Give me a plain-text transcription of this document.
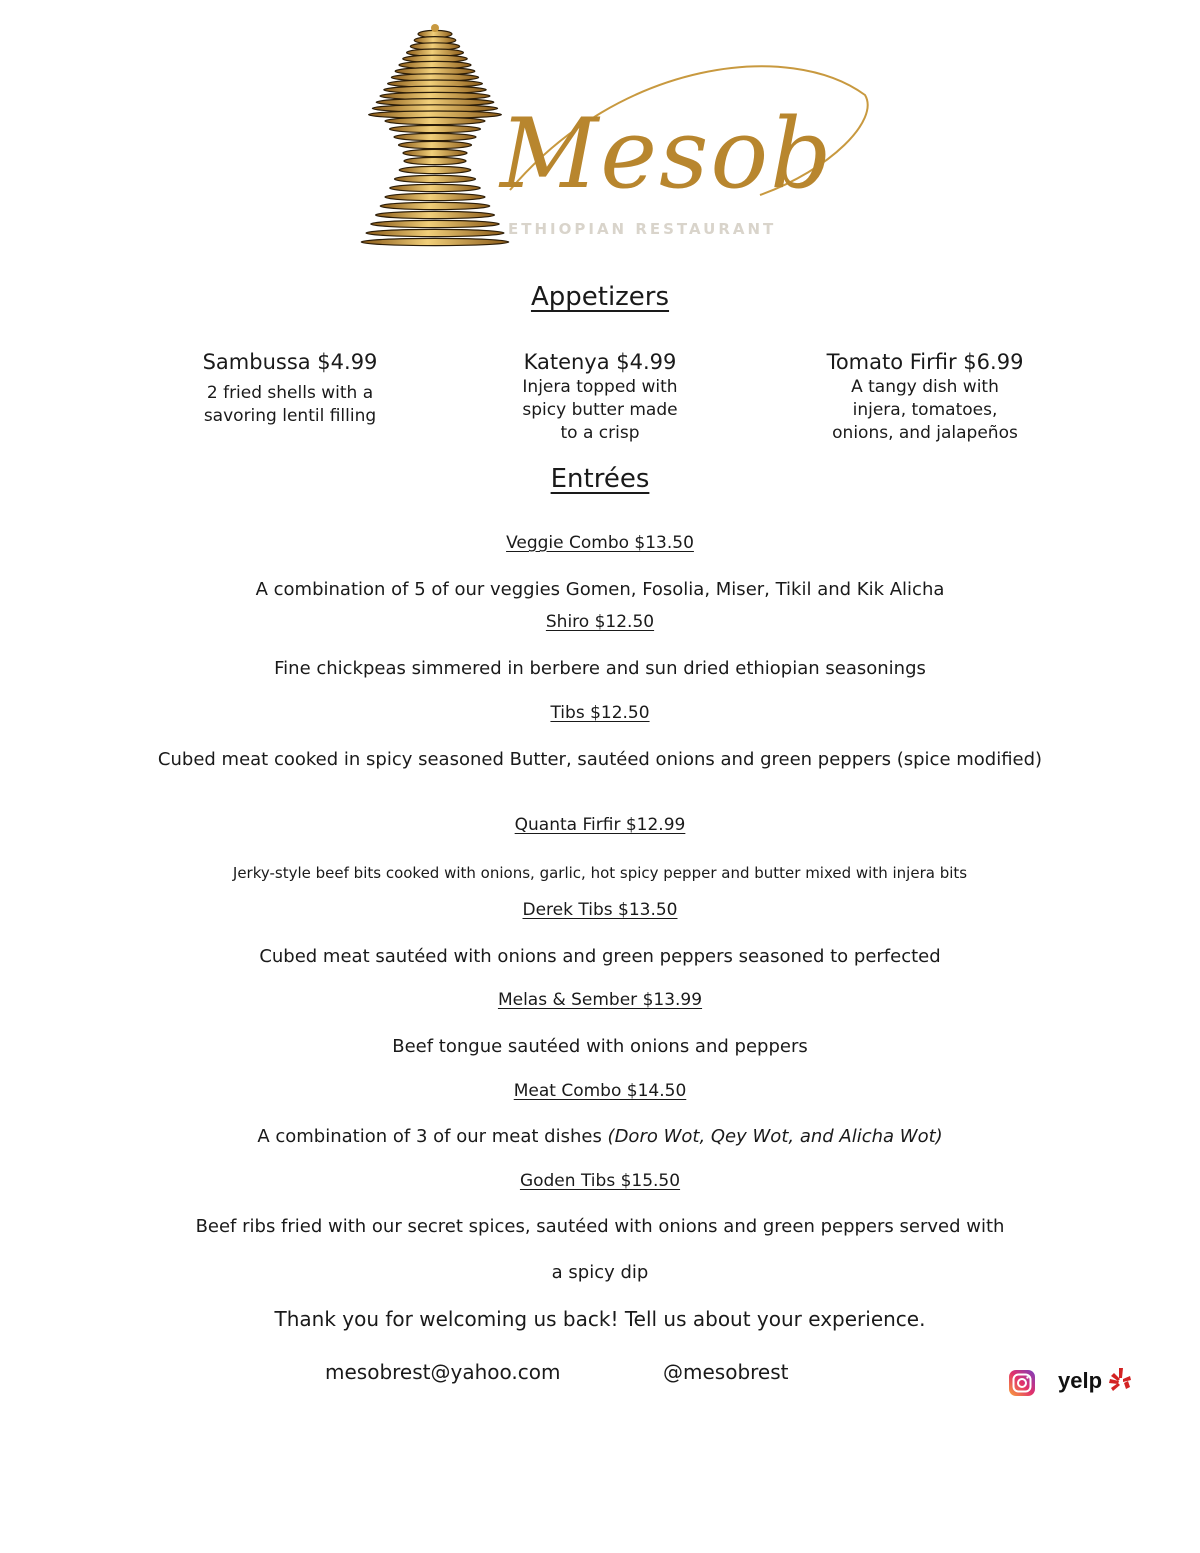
Mesob
ETHIOPIAN RESTAURANT
Appetizers
Sambussa $4.99
2 fried shells with a
savoring lentil filling
Katenya $4.99
Injera topped with
spicy butter made
to a crisp
Tomato Firfir $6.99
A tangy dish with
injera, tomatoes,
onions, and jalapeños
Entrées
Veggie Combo $13.50
A combination of 5 of our veggies Gomen, Fosolia, Miser, Tikil and Kik Alicha
Shiro $12.50
Fine chickpeas simmered in berbere and sun dried ethiopian seasonings
Tibs $12.50
Cubed meat cooked in spicy seasoned Butter, sautéed onions and green peppers (spice modified)
Quanta Firfir $12.99
Jerky-style beef bits cooked with onions, garlic, hot spicy pepper and butter mixed with injera bits
Derek Tibs $13.50
Cubed meat sautéed with onions and green peppers seasoned to perfected
Melas & Sember $13.99
Beef tongue sautéed with onions and peppers
Meat Combo $14.50
A combination of 3 of our meat dishes (Doro Wot, Qey Wot, and Alicha Wot)
Goden Tibs $15.50
Beef ribs fried with our secret spices, sautéed with onions and green peppers served with
a spicy dip
Thank you for welcoming us back! Tell us about your experience.
mesobrest@yahoo.com	@mesobrest	yelp
